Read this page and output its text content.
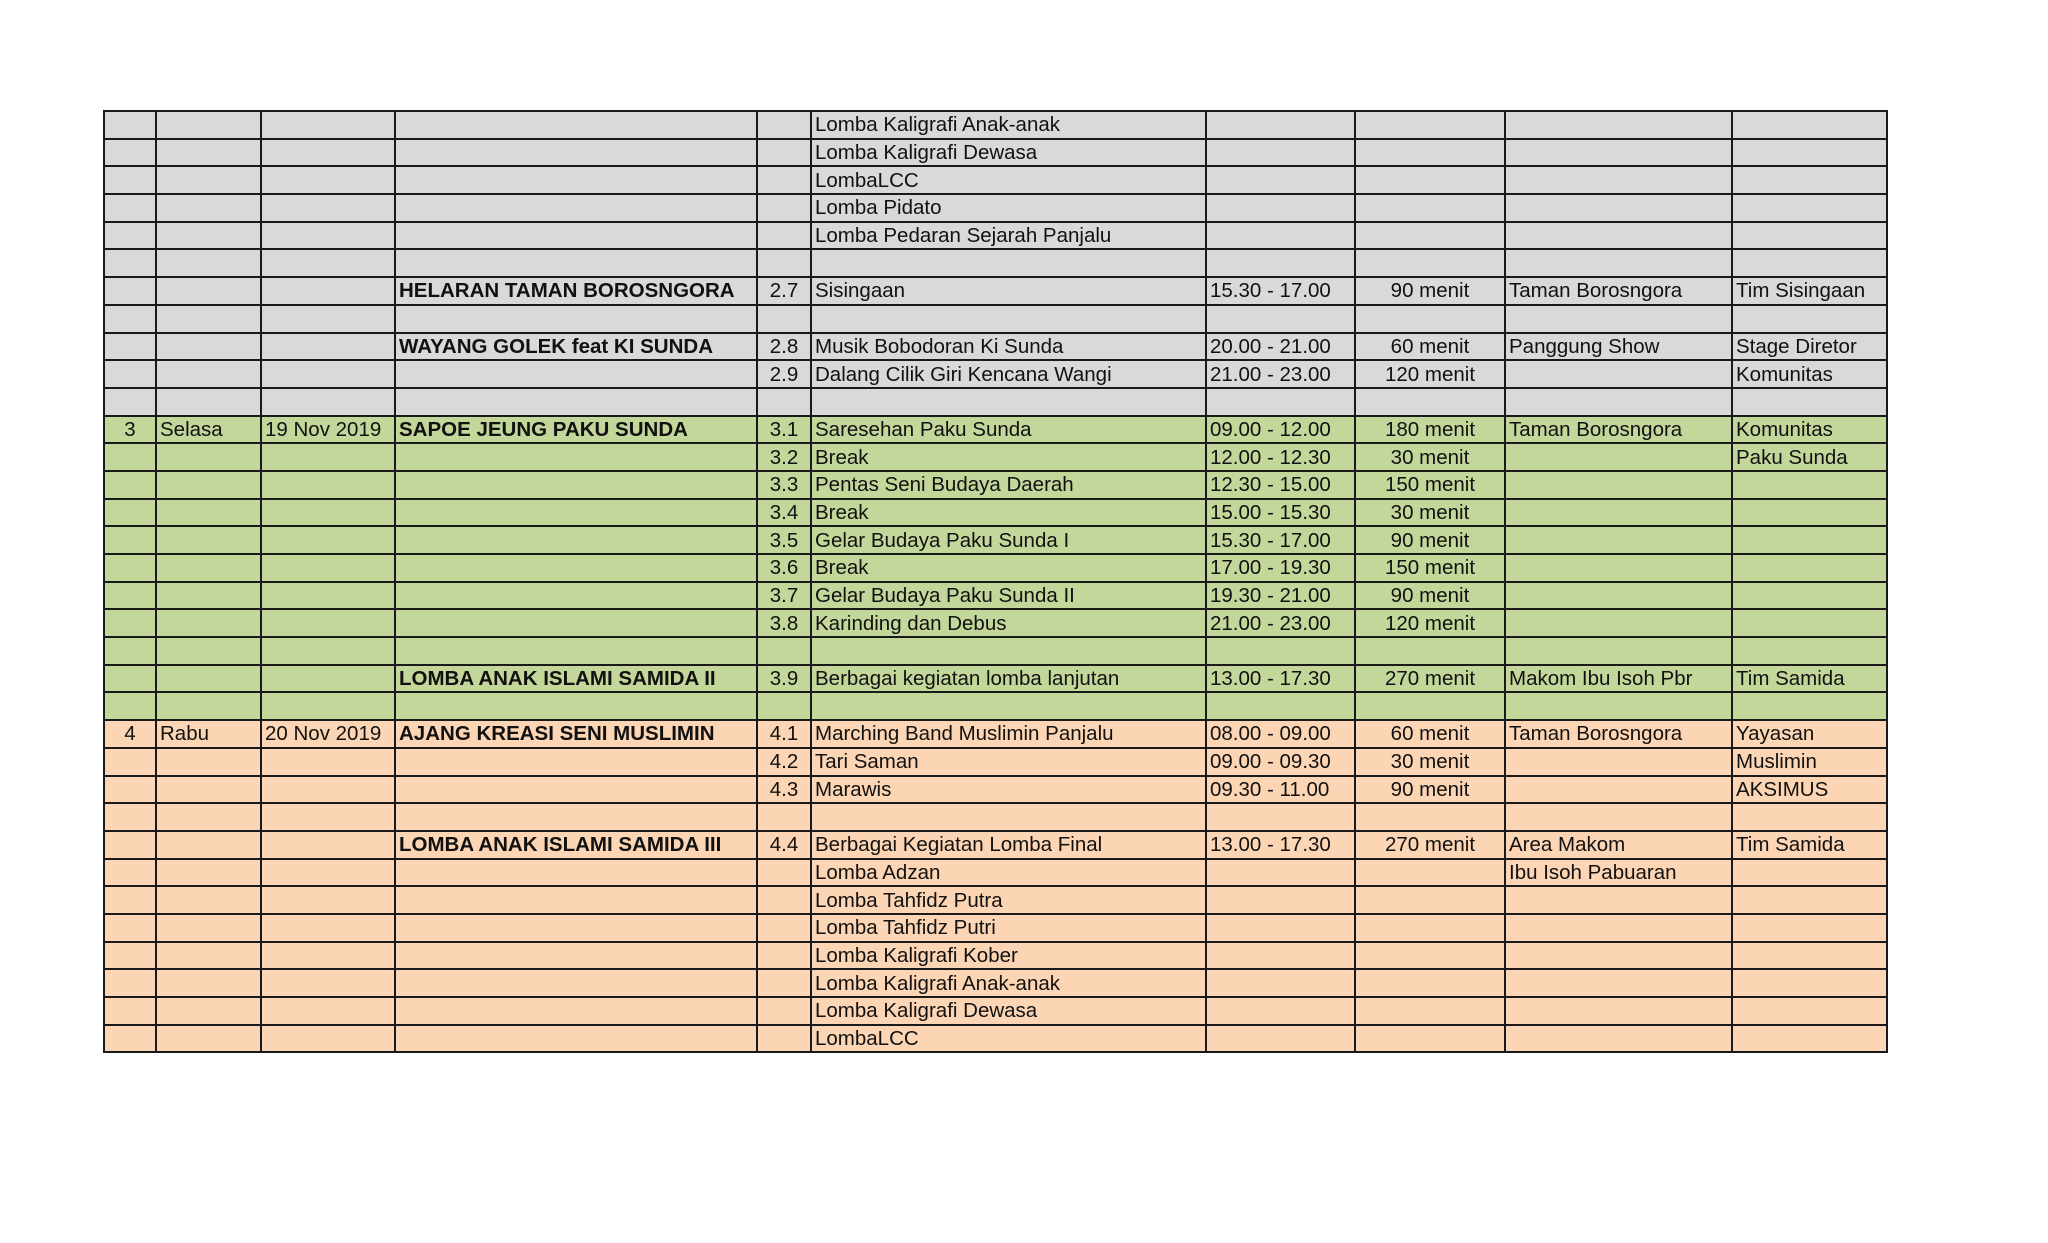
					Lomba Kaligrafi Anak-anak				
					Lomba Kaligrafi Dewasa				
					LombaLCC				
					Lomba Pidato				
					Lomba Pedaran Sejarah Panjalu				

			HELARAN TAMAN BOROSNGORA	2.7	Sisingaan	15.30 - 17.00	90 menit	Taman Borosngora	Tim Sisingaan

			WAYANG GOLEK feat KI SUNDA	2.8	Musik Bobodoran Ki Sunda	20.00 - 21.00	60 menit	Panggung Show	Stage Diretor
				2.9	Dalang Cilik Giri Kencana Wangi	21.00 - 23.00	120 menit		Komunitas

3	Selasa	19 Nov 2019	SAPOE JEUNG PAKU SUNDA	3.1	Saresehan Paku Sunda	09.00 - 12.00	180 menit	Taman Borosngora	Komunitas
				3.2	Break	12.00 - 12.30	30 menit		Paku Sunda
				3.3	Pentas Seni Budaya Daerah	12.30 - 15.00	150 menit		
				3.4	Break	15.00 - 15.30	30 menit		
				3.5	Gelar Budaya Paku Sunda I	15.30 - 17.00	90 menit		
				3.6	Break	17.00 - 19.30	150 menit		
				3.7	Gelar Budaya Paku Sunda II	19.30 - 21.00	90 menit		
				3.8	Karinding dan Debus	21.00 - 23.00	120 menit		

			LOMBA ANAK ISLAMI SAMIDA II	3.9	Berbagai kegiatan lomba lanjutan	13.00 - 17.30	270 menit	Makom Ibu Isoh Pbr	Tim Samida

4	Rabu	20 Nov 2019	AJANG KREASI SENI MUSLIMIN	4.1	Marching Band Muslimin Panjalu	08.00 - 09.00	60 menit	Taman Borosngora	Yayasan
				4.2	Tari Saman	09.00 - 09.30	30 menit		Muslimin
				4.3	Marawis	09.30 - 11.00	90 menit		AKSIMUS

			LOMBA ANAK ISLAMI SAMIDA III	4.4	Berbagai Kegiatan Lomba Final	13.00 - 17.30	270 menit	Area Makom	Tim Samida
					Lomba Adzan			Ibu Isoh Pabuaran	
					Lomba Tahfidz Putra				
					Lomba Tahfidz Putri				
					Lomba Kaligrafi Kober				
					Lomba Kaligrafi Anak-anak				
					Lomba Kaligrafi Dewasa				
					LombaLCC				
